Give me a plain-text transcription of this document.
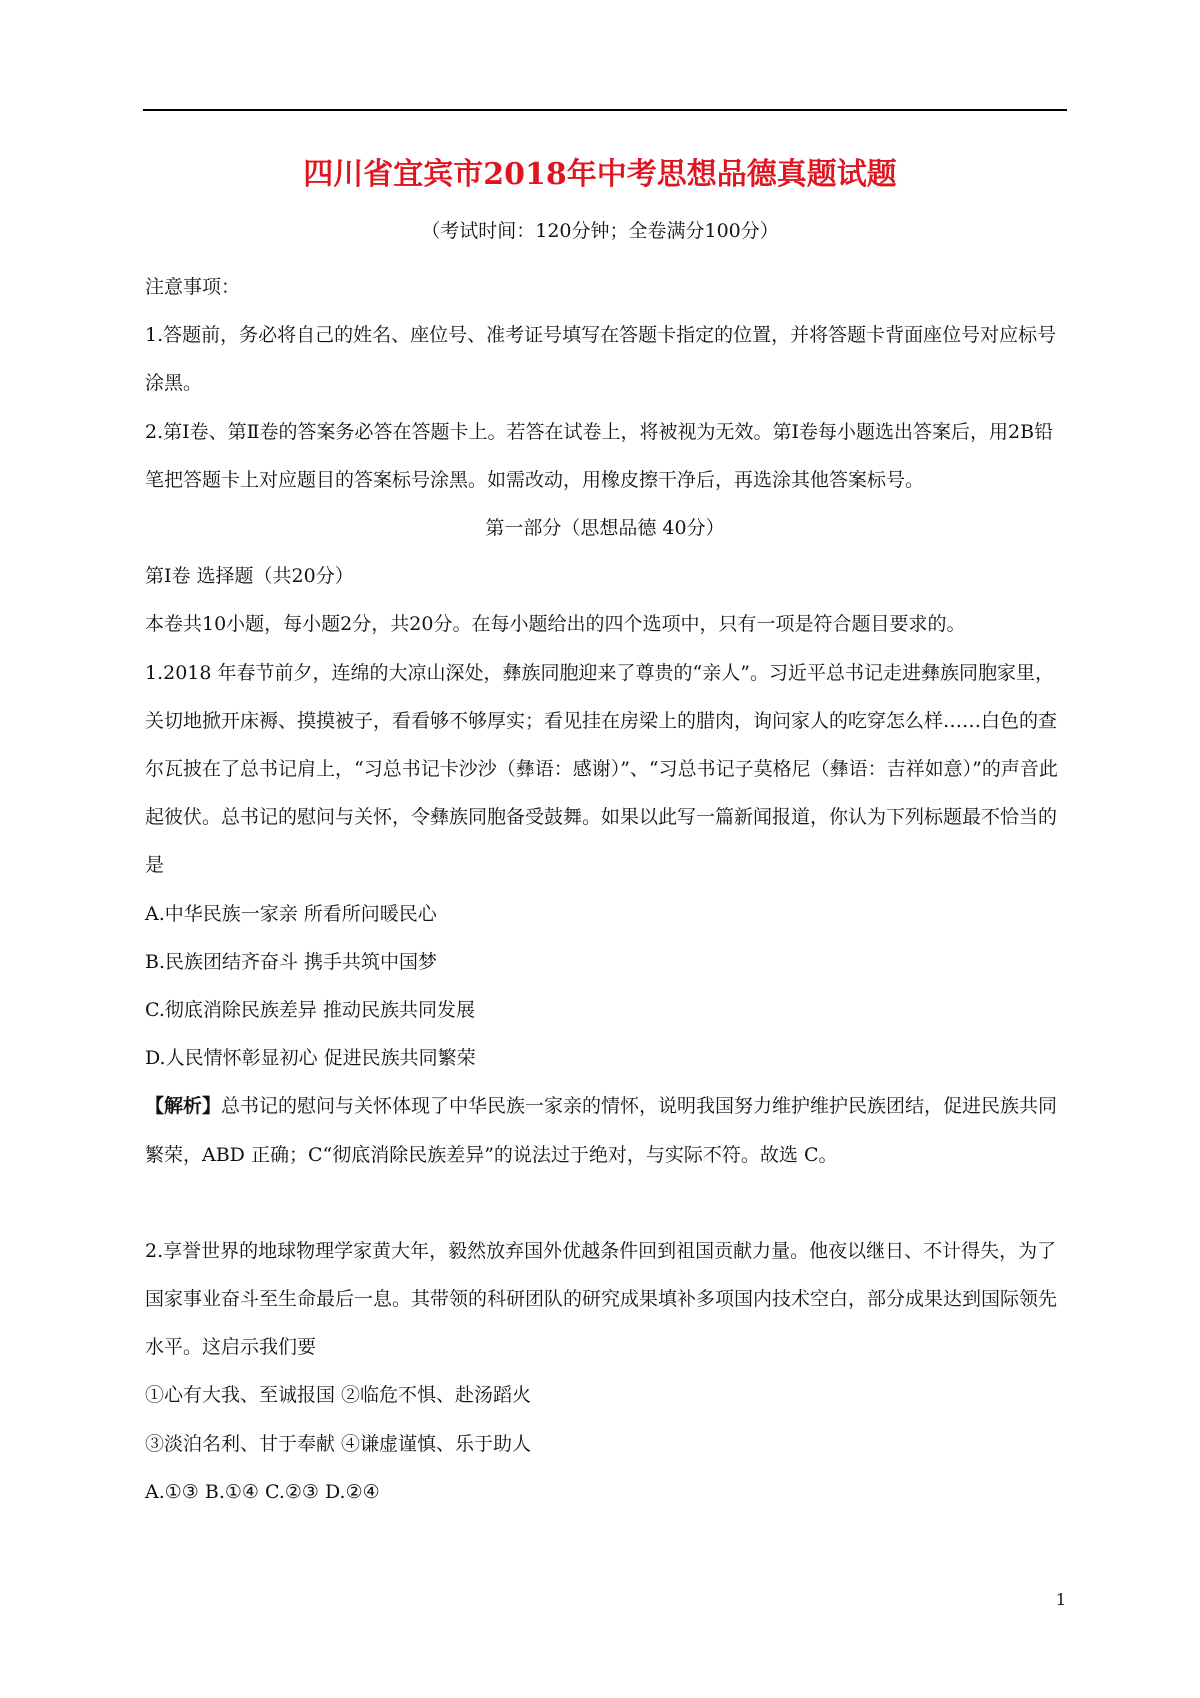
四川省宜宾市2018年中考思想品德真题试题
（考试时间：120分钟；全卷满分100分）

注意事项：

1.答题前，务必将自己的姓名、座位号、准考证号填写在答题卡指定的位置，并将答题卡背面座位号对应标号涂黑。

2.第Ⅰ卷、第Ⅱ卷的答案务必答在答题卡上。若答在试卷上，将被视为无效。第Ⅰ卷每小题选出答案后，用2B铅笔把答题卡上对应题目的答案标号涂黑。如需改动，用橡皮擦干净后，再选涂其他答案标号。

第一部分（思想品德 40分）

第Ⅰ卷 选择题（共20分）

本卷共10小题，每小题2分，共20分。在每小题给出的四个选项中，只有一项是符合题目要求的。

1.2018 年春节前夕，连绵的大凉山深处，彝族同胞迎来了尊贵的“亲人”。习近平总书记走进彝族同胞家里，关切地掀开床褥、摸摸被子，看看够不够厚实；看见挂在房梁上的腊肉，询问家人的吃穿怎么样……白色的查尔瓦披在了总书记肩上，“习总书记卡沙沙（彝语：感谢）”、“习总书记子莫格尼（彝语：吉祥如意）”的声音此起彼伏。总书记的慰问与关怀，令彝族同胞备受鼓舞。如果以此写一篇新闻报道，你认为下列标题最不恰当的是

A.中华民族一家亲 所看所问暖民心

B.民族团结齐奋斗 携手共筑中国梦

C.彻底消除民族差异 推动民族共同发展

D.人民情怀彰显初心 促进民族共同繁荣

【解析】总书记的慰问与关怀体现了中华民族一家亲的情怀，说明我国努力维护维护民族团结，促进民族共同繁荣，ABD 正确；C“彻底消除民族差异”的说法过于绝对，与实际不符。故选 C。

2.享誉世界的地球物理学家黄大年，毅然放弃国外优越条件回到祖国贡献力量。他夜以继日、不计得失，为了国家事业奋斗至生命最后一息。其带领的科研团队的研究成果填补多项国内技术空白，部分成果达到国际领先水平。这启示我们要

①心有大我、至诚报国 ②临危不惧、赴汤蹈火

③淡泊名利、甘于奉献 ④谦虚谨慎、乐于助人

A.①③ B.①④ C.②③ D.②④

1
